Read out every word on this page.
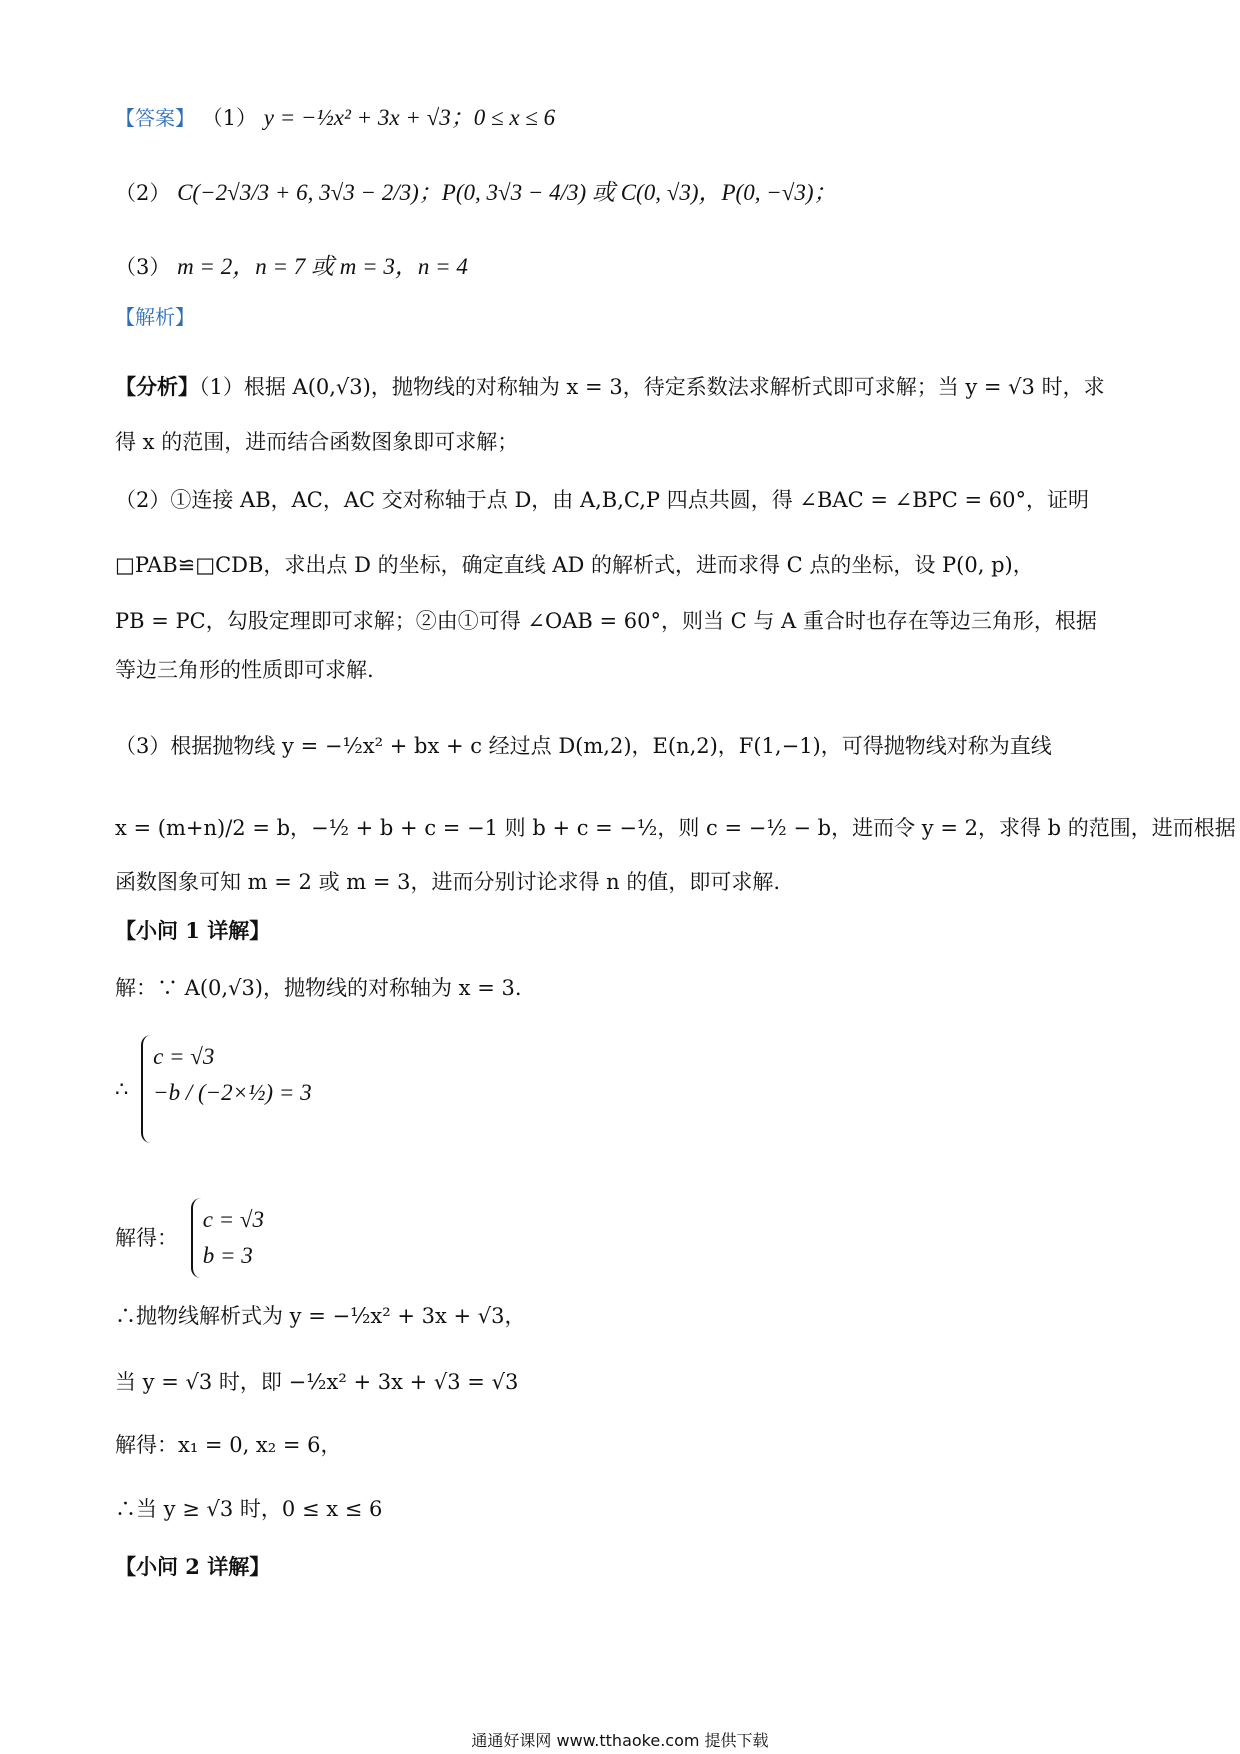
【答案】 （1） y = −½x² + 3x + √3；0 ≤ x ≤ 6
（2） C(−2√3/3 + 6, 3√3 − 2/3)；P(0, 3√3 − 4/3) 或 C(0, √3)，P(0, −√3)；
（3） m = 2，n = 7 或 m = 3，n = 4
【解析】
【分析】（1）根据 A(0,√3)，抛物线的对称轴为 x = 3，待定系数法求解析式即可求解；当 y = √3 时，求
得 x 的范围，进而结合函数图象即可求解；
（2）①连接 AB，AC，AC 交对称轴于点 D，由 A,B,C,P 四点共圆，得 ∠BAC = ∠BPC = 60°，证明
□PAB≌□CDB，求出点 D 的坐标，确定直线 AD 的解析式，进而求得 C 点的坐标，设 P(0, p)，
PB = PC，勾股定理即可求解；②由①可得 ∠OAB = 60°，则当 C 与 A 重合时也存在等边三角形，根据
等边三角形的性质即可求解.
（3）根据抛物线 y = −½x² + bx + c 经过点 D(m,2)，E(n,2)，F(1,−1)，可得抛物线对称为直线
x = (m+n)/2 = b，−½ + b + c = −1 则 b + c = −½，则 c = −½ − b，进而令 y = 2，求得 b 的范围，进而根据
函数图象可知 m = 2 或 m = 3，进而分别讨论求得 n 的值，即可求解.
【小问 1 详解】
解：∵ A(0,√3)，抛物线的对称轴为 x = 3.
∴
c = √3
−b / (−2×½) = 3
解得：
c = √3
b = 3
∴抛物线解析式为 y = −½x² + 3x + √3，
当 y = √3 时，即 −½x² + 3x + √3 = √3
解得：x₁ = 0, x₂ = 6，
∴当 y ≥ √3 时，0 ≤ x ≤ 6
【小问 2 详解】
通通好课网 www.tthaoke.com 提供下载
